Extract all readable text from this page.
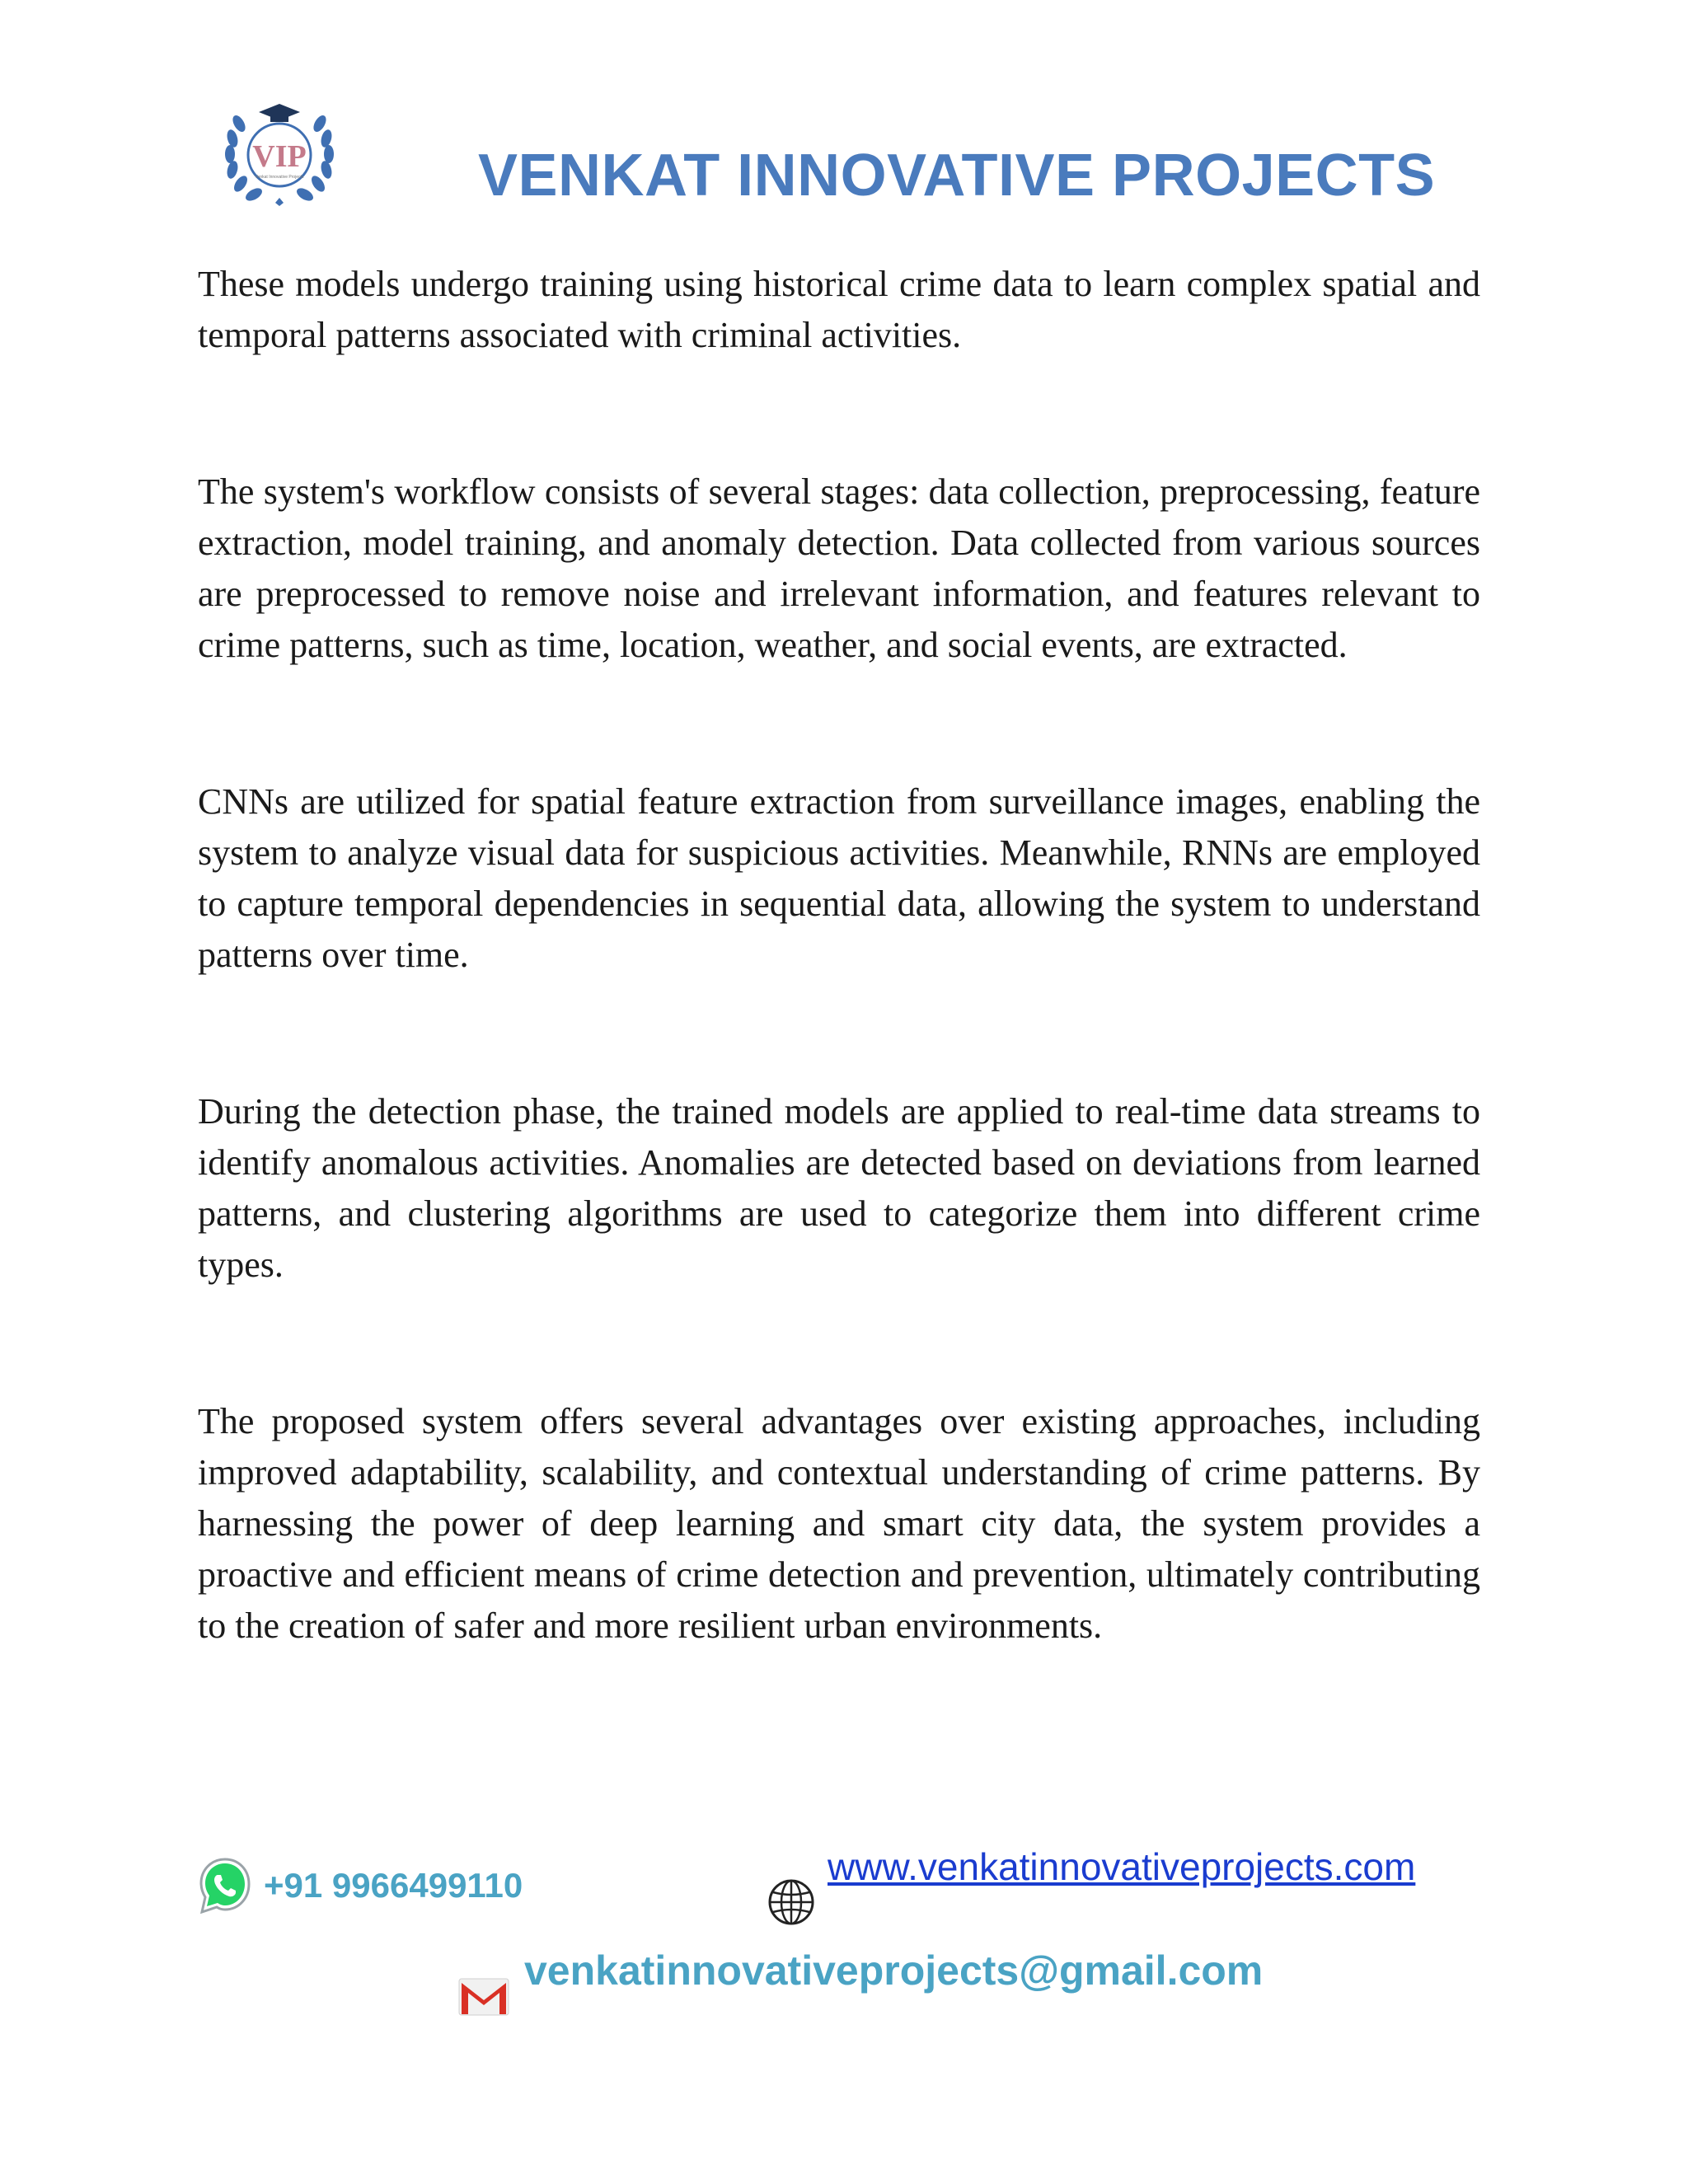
VIP
Venkat Innovative Projects	VENKAT INNOVATIVE PROJECTS

These models undergo training using historical crime data to learn complex spatial and temporal patterns associated with criminal activities.

The system's workflow consists of several stages: data collection, preprocessing, feature extraction, model training, and anomaly detection. Data collected from various sources are preprocessed to remove noise and irrelevant information, and features relevant to crime patterns, such as time, location, weather, and social events, are extracted.

CNNs are utilized for spatial feature extraction from surveillance images, enabling the system to analyze visual data for suspicious activities. Meanwhile, RNNs are employed to capture temporal dependencies in sequential data, allowing the system to understand patterns over time.

During the detection phase, the trained models are applied to real-time data streams to identify anomalous activities. Anomalies are detected based on deviations from learned patterns, and clustering algorithms are used to categorize them into different crime types.

The proposed system offers several advantages over existing approaches, including improved adaptability, scalability, and contextual understanding of crime patterns. By harnessing the power of deep learning and smart city data, the system provides a proactive and efficient means of crime detection and prevention, ultimately contributing to the creation of safer and more resilient urban environments.

+91 9966499110	www.venkatinnovativeprojects.com
venkatinnovativeprojects@gmail.com
